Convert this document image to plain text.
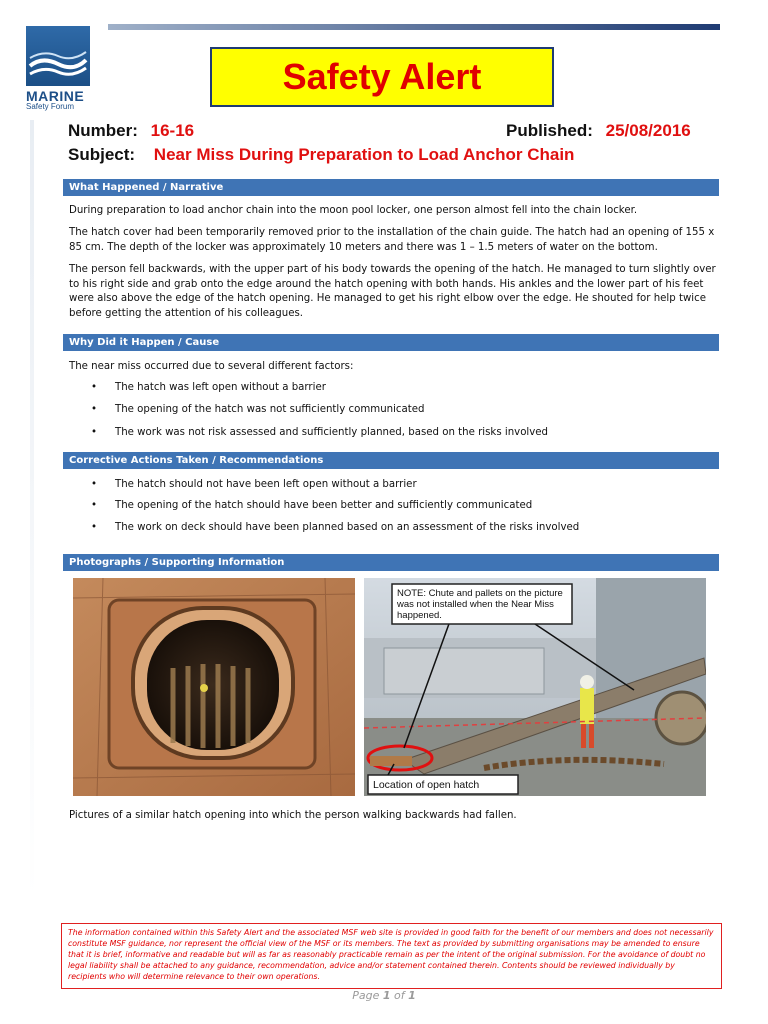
MARINE
Safety Forum
Safety Alert
Number: 16-16	Published: 25/08/2016
Subject: Near Miss During Preparation to Load Anchor Chain
What Happened / Narrative
During preparation to load anchor chain into the moon pool locker, one person almost fell into the chain locker.
The hatch cover had been temporarily removed prior to the installation of the chain guide. The hatch had an opening of 155 x 85 cm. The depth of the locker was approximately 10 meters and there was 1 – 1.5 meters of water on the bottom.
The person fell backwards, with the upper part of his body towards the opening of the hatch. He managed to turn slightly over to his right side and grab onto the edge around the hatch opening with both hands. His ankles and the lower part of his feet were also above the edge of the hatch opening. He managed to get his right elbow over the edge. He shouted for help twice before getting the attention of his colleagues.
Why Did it Happen / Cause
The near miss occurred due to several different factors:
• The hatch was left open without a barrier
• The opening of the hatch was not sufficiently communicated
• The work was not risk assessed and sufficiently planned, based on the risks involved
Corrective Actions Taken / Recommendations
• The hatch should not have been left open without a barrier
• The opening of the hatch should have been better and sufficiently communicated
• The work on deck should have been planned based on an assessment of the risks involved
Photographs / Supporting Information
NOTE: Chute and pallets on the picture was not installed when the Near Miss happened.
Location of open hatch
Pictures of a similar hatch opening into which the person walking backwards had fallen.
The information contained within this Safety Alert and the associated MSF web site is provided in good faith for the benefit of our members and does not necessarily constitute MSF guidance, nor represent the official view of the MSF or its members. The text as provided by submitting organisations may be amended to ensure that it is brief, informative and readable but will as far as reasonably practicable remain as per the intent of the original submission. For the avoidance of doubt no legal liability shall be attached to any guidance, recommendation, advice and/or statement contained therein. Contents should be reviewed individually by recipients who will determine relevance to their own operations.
Page 1 of 1
